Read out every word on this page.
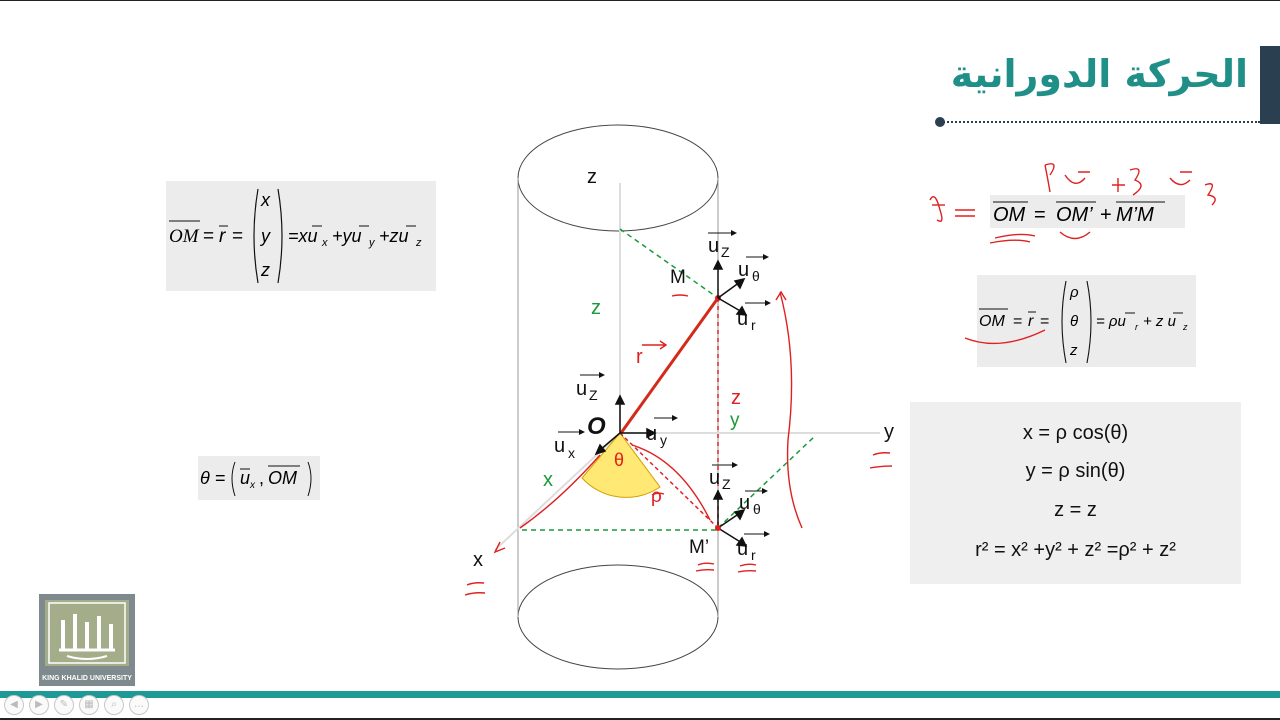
الحركة الدورانية
OM = r =
x
y
z
=xu x +yu y +zu z
θ = u x , OM
OM = OM’ + M’M
OM = r =
ρ
θ
z
= ρu r + z u z
x = ρ cos(θ)
y = ρ sin(θ)
z = z
r² = x² +y² + z² =ρ² + z²
z
x
y
O
M
M’
r
z
z
y
x
θ
ρ
u Z
u θ
u r
u Z
u y
u x
u Z
u θ
u r
KING KHALID UNIVERSITY
◀	▶	✎	▦	⌕	…
